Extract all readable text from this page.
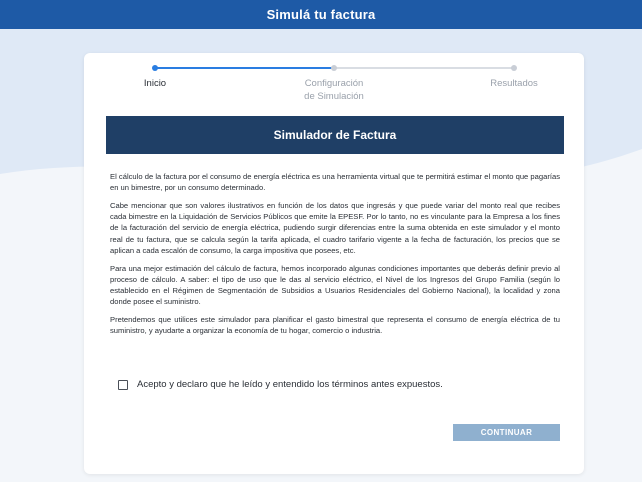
Simulá tu factura
Inicio	Configuración
de Simulación
Resultados
Simulador de Factura

El cálculo de la factura por el consumo de energía eléctrica es una herramienta virtual que te permitirá estimar el monto que pagarías en un bimestre, por un consumo determinado.

Cabe mencionar que son valores ilustrativos en función de los datos que ingresás y que puede variar del monto real que recibes cada bimestre en la Liquidación de Servicios Públicos que emite la EPESF. Por lo tanto, no es vinculante para la Empresa a los fines de la facturación del servicio de energía eléctrica, pudiendo surgir diferencias entre la suma obtenida en este simulador y el monto real de tu factura, que se calcula según la tarifa aplicada, el cuadro tarifario vigente a la fecha de facturación, los precios que se aplican a cada escalón de consumo, la carga impositiva que posees, etc.

Para una mejor estimación del cálculo de factura, hemos incorporado algunas condiciones importantes que deberás definir previo al proceso de cálculo. A saber: el tipo de uso que le das al servicio eléctrico, el Nivel de los Ingresos del Grupo Familia (según lo establecido en el Régimen de Segmentación de Subsidios a Usuarios Residenciales del Gobierno Nacional), la localidad y zona donde posee el suministro.

Pretendemos que utilices este simulador para planificar el gasto bimestral que representa el consumo de energía eléctrica de tu suministro, y ayudarte a organizar la economía de tu hogar, comercio o industria.

Acepto y declaro que he leído y entendido los términos antes expuestos.
CONTINUAR
